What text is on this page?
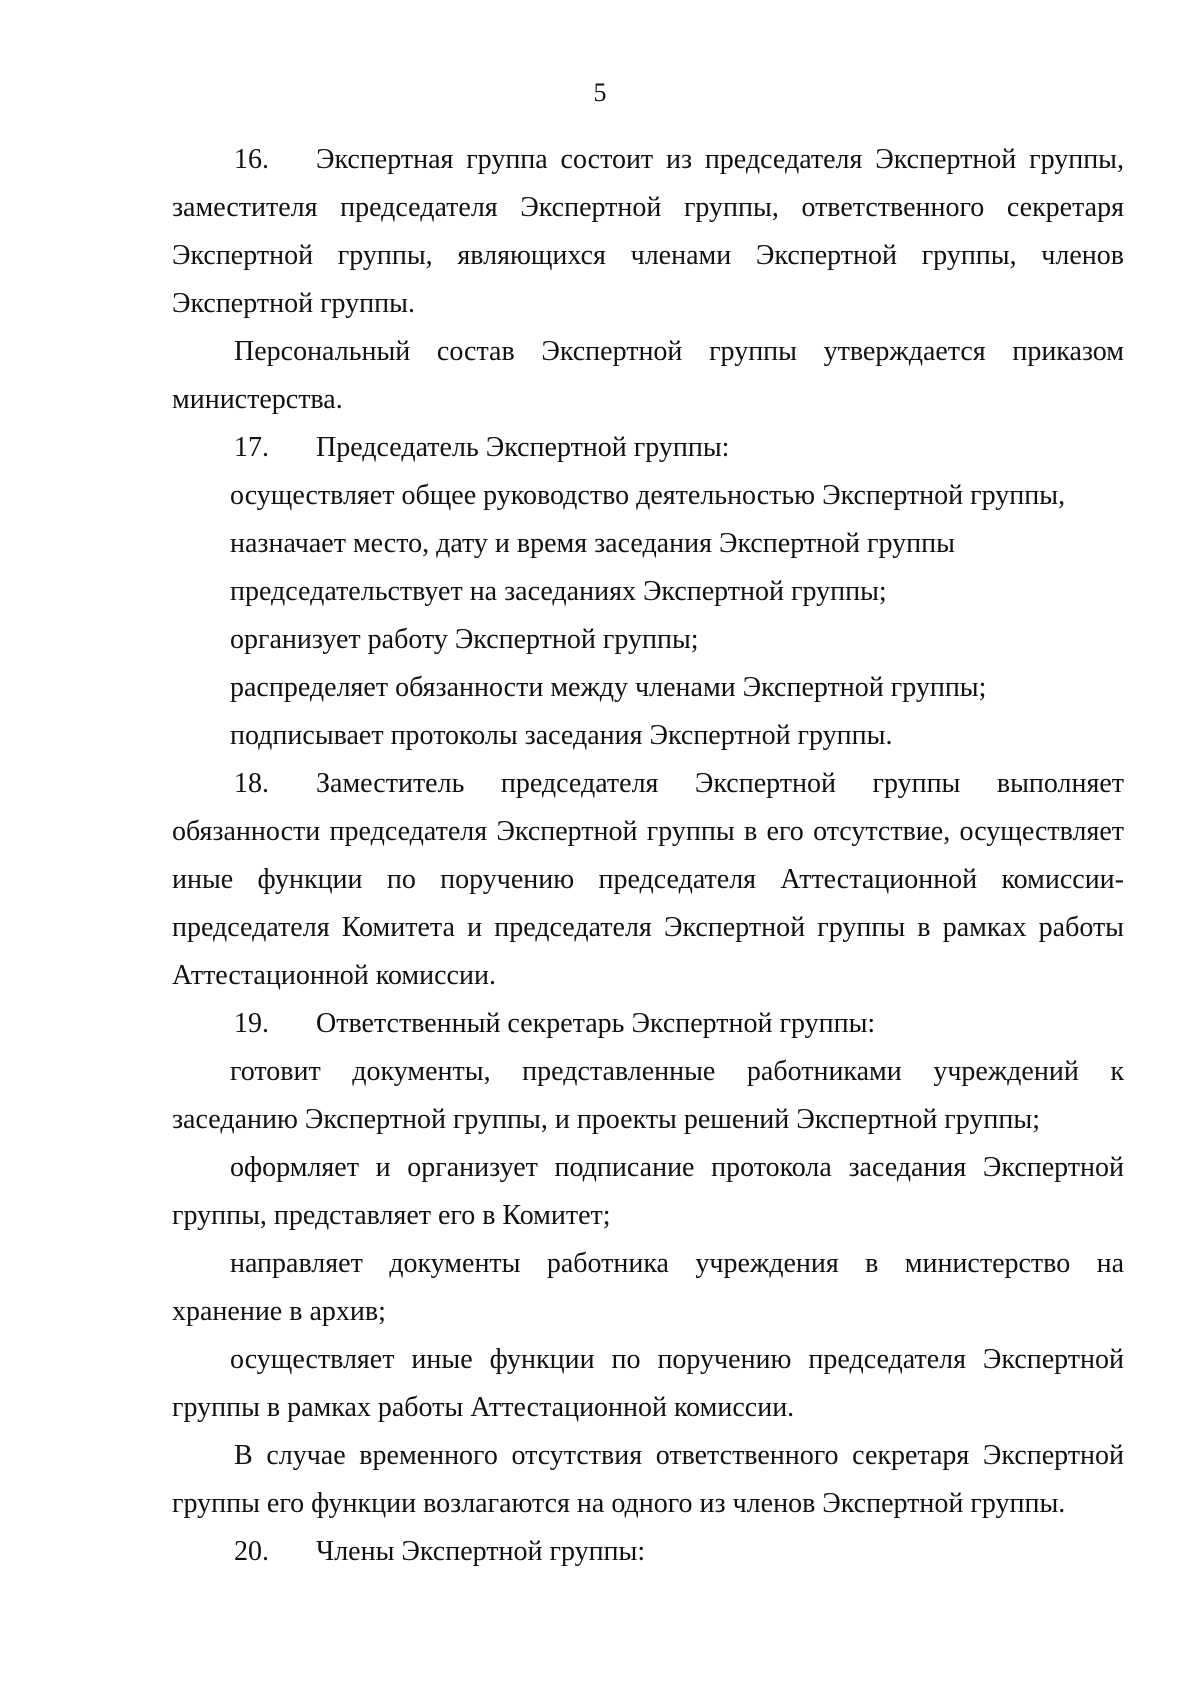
5

16. Экспертная группа состоит из председателя Экспертной группы, заместителя председателя Экспертной группы, ответственного секретаря Экспертной группы, являющихся членами Экспертной группы, членов Экспертной группы.

Персональный состав Экспертной группы утверждается приказом министерства.

17. Председатель Экспертной группы:

осуществляет общее руководство деятельностью Экспертной группы,

назначает место, дату и время заседания Экспертной группы

председательствует на заседаниях Экспертной группы;

организует работу Экспертной группы;

распределяет обязанности между членами Экспертной группы;

подписывает протоколы заседания Экспертной группы.

18. Заместитель председателя Экспертной группы выполняет обязанности председателя Экспертной группы в его отсутствие, осуществляет иные функции по поручению председателя Аттестационной комиссии-председателя Комитета и председателя Экспертной группы в рамках работы Аттестационной комиссии.

19. Ответственный секретарь Экспертной группы:

готовит документы, представленные работниками учреждений к заседанию Экспертной группы, и проекты решений Экспертной группы;

оформляет и организует подписание протокола заседания Экспертной группы, представляет его в Комитет;

направляет документы работника учреждения в министерство на хранение в архив;

осуществляет иные функции по поручению председателя Экспертной группы в рамках работы Аттестационной комиссии.

В случае временного отсутствия ответственного секретаря Экспертной группы его функции возлагаются на одного из членов Экспертной группы.

20. Члены Экспертной группы:
